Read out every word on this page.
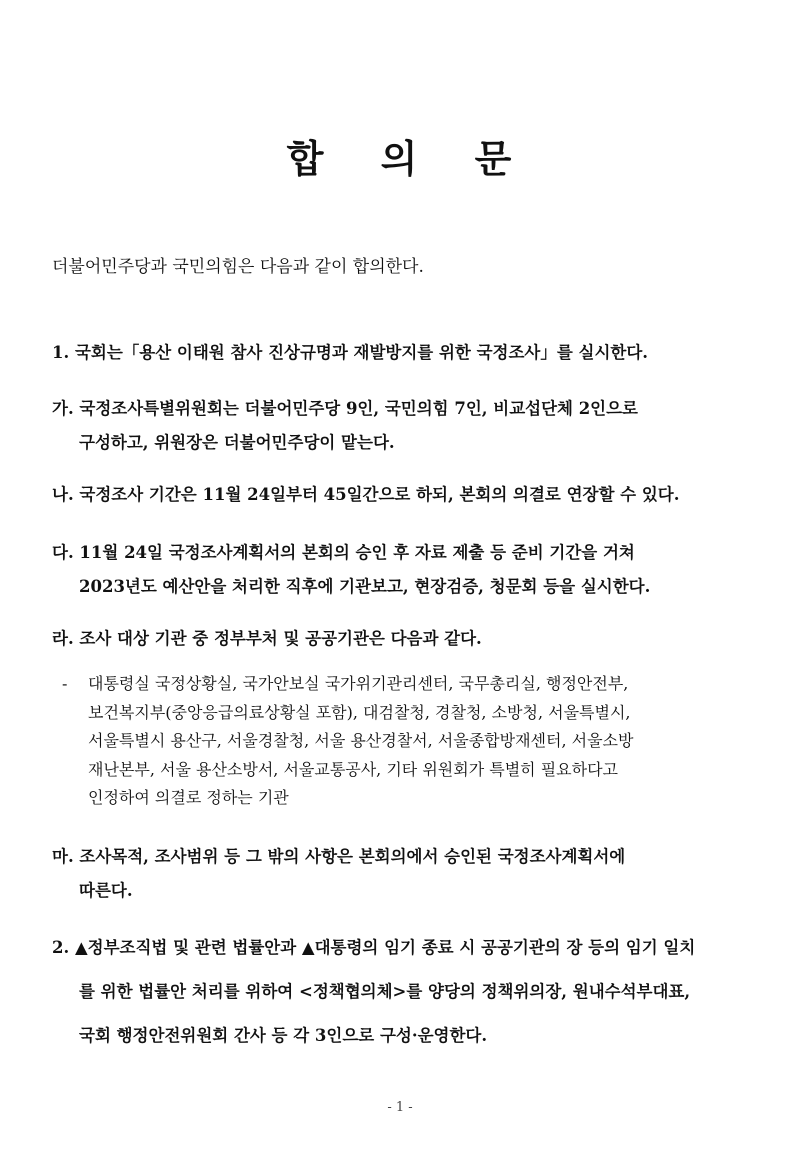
합 의 문
더불어민주당과 국민의힘은 다음과 같이 합의한다.
1. 국회는「용산 이태원 참사 진상규명과 재발방지를 위한 국정조사」를 실시한다.
가. 국정조사특별위원회는 더불어민주당 9인, 국민의힘 7인, 비교섭단체 2인으로
구성하고, 위원장은 더불어민주당이 맡는다.
나. 국정조사 기간은 11월 24일부터 45일간으로 하되, 본회의 의결로 연장할 수 있다.
다. 11월 24일 국정조사계획서의 본회의 승인 후 자료 제출 등 준비 기간을 거쳐
2023년도 예산안을 처리한 직후에 기관보고, 현장검증, 청문회 등을 실시한다.
라. 조사 대상 기관 중 정부부처 및 공공기관은 다음과 같다.
- 대통령실 국정상황실, 국가안보실 국가위기관리센터, 국무총리실, 행정안전부,
보건복지부(중앙응급의료상황실 포함), 대검찰청, 경찰청, 소방청, 서울특별시,
서울특별시 용산구, 서울경찰청, 서울 용산경찰서, 서울종합방재센터, 서울소방
재난본부, 서울 용산소방서, 서울교통공사, 기타 위원회가 특별히 필요하다고
인정하여 의결로 정하는 기관
마. 조사목적, 조사범위 등 그 밖의 사항은 본회의에서 승인된 국정조사계획서에
따른다.
2. ▲정부조직법 및 관련 법률안과 ▲대통령의 임기 종료 시 공공기관의 장 등의 임기 일치
를 위한 법률안 처리를 위하여 <정책협의체>를 양당의 정책위의장, 원내수석부대표,
국회 행정안전위원회 간사 등 각 3인으로 구성·운영한다.
- 1 -
